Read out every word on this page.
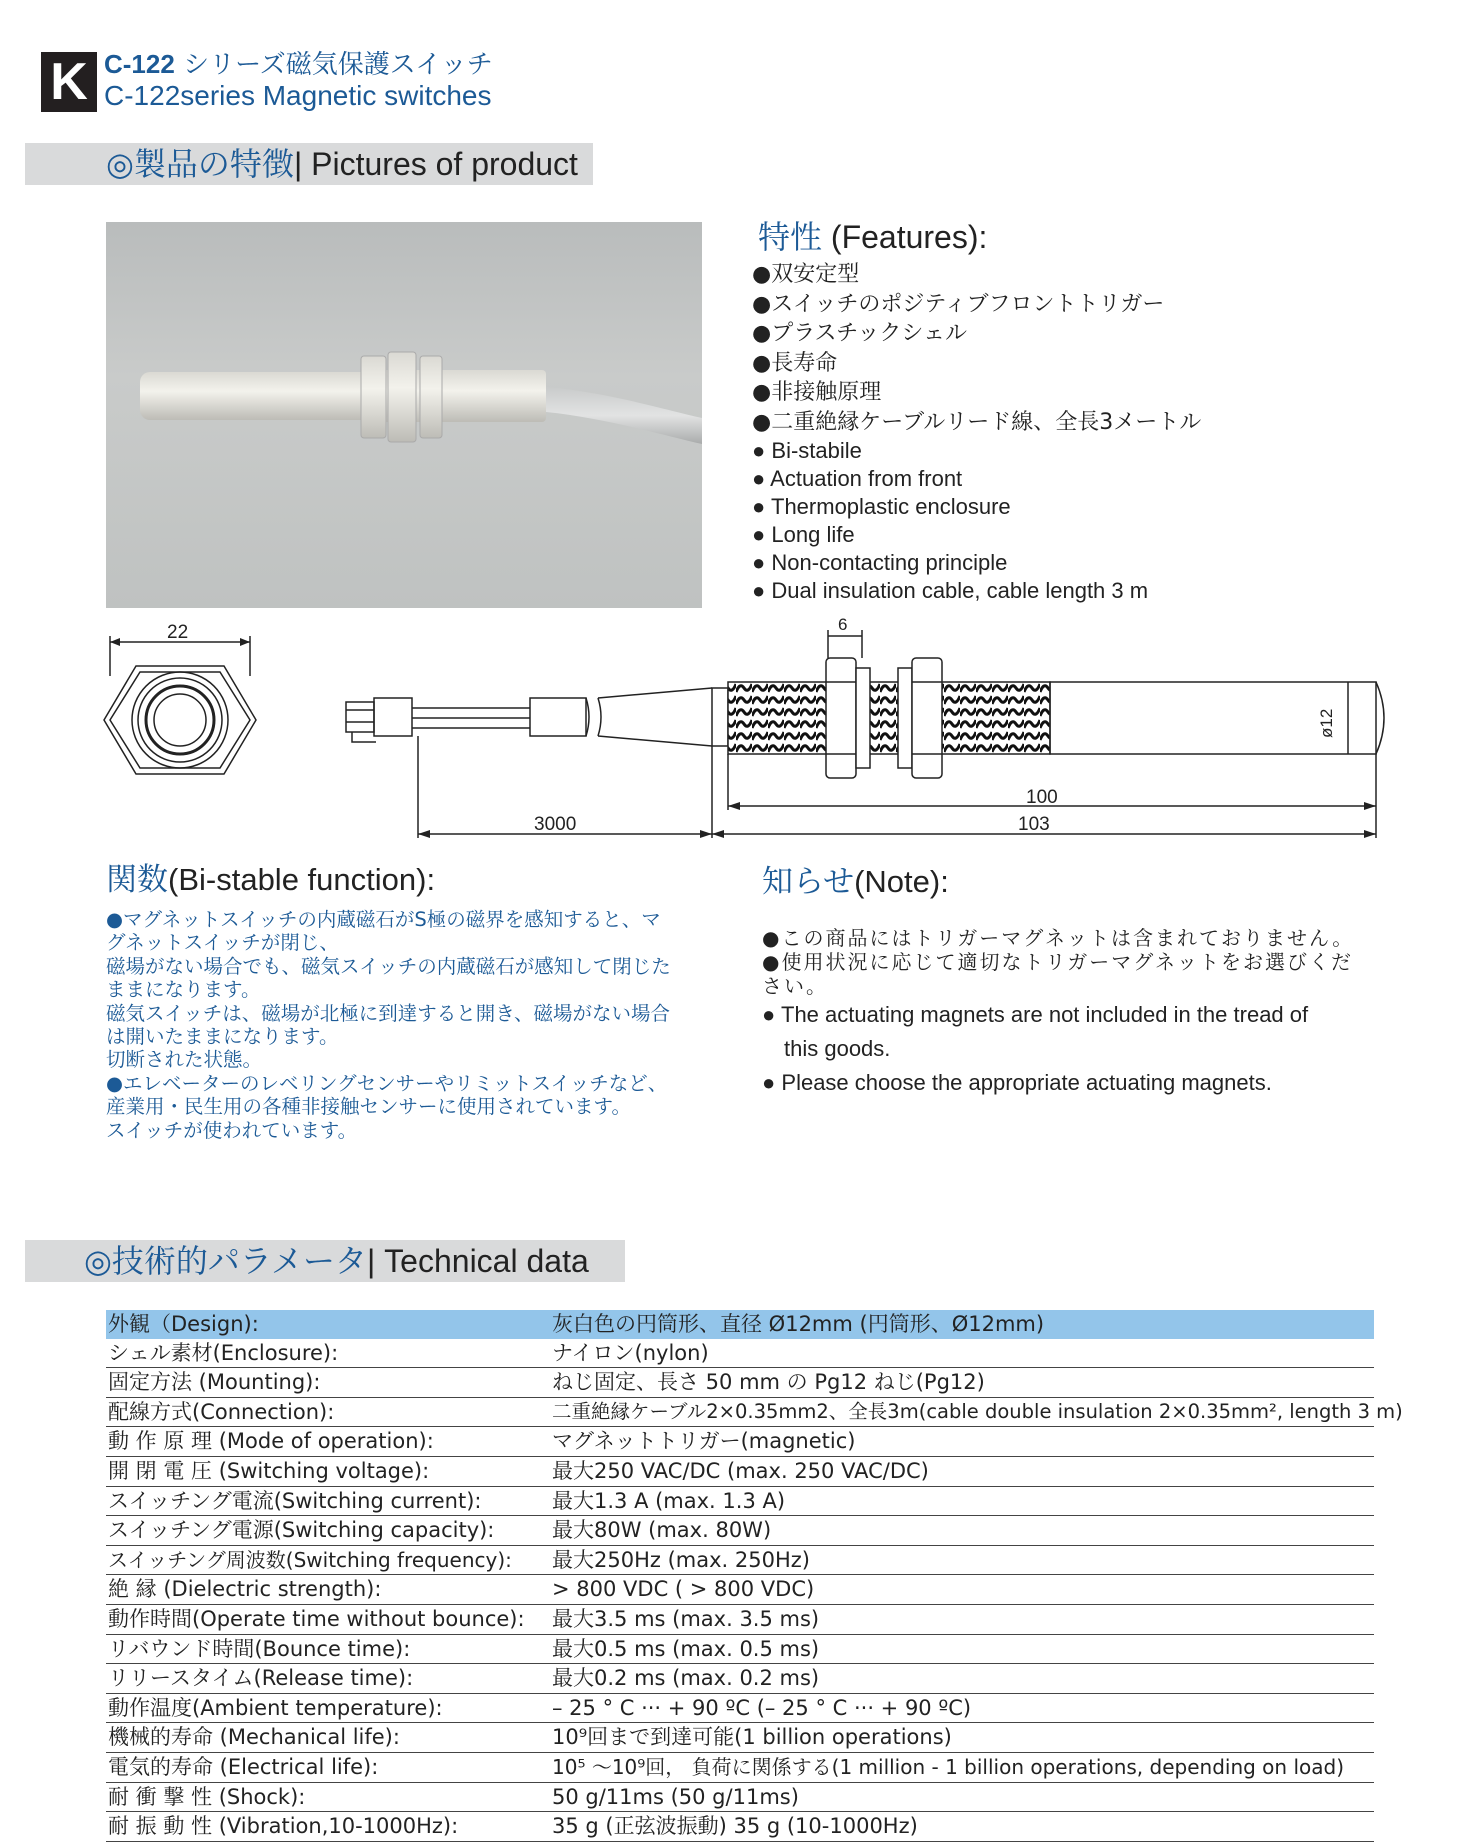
K C-122 シリーズ磁気保護スイッチ
C-122series Magnetic switches
◎製品の特徴| Pictures of product
特性 (Features):
●双安定型
●スイッチのポジティブフロントトリガー
●プラスチックシェル
●長寿命
●非接触原理
●二重絶縁ケーブルリード線、全長3メートル
● Bi-stabile
● Actuation from front
● Thermoplastic enclosure
● Long life
● Non-contacting principle
● Dual insulation cable, cable length 3 m
22	6
ø12
100
103
3000
関数(Bi-stable function):

●マグネットスイッチの内蔵磁石がS極の磁界を感知すると、マ

グネットスイッチが閉じ、

磁場がない場合でも、磁気スイッチの内蔵磁石が感知して閉じた

ままになります。

磁気スイッチは、磁場が北極に到達すると開き、磁場がない場合

は開いたままになります。

切断された状態。

●エレベーターのレベリングセンサーやリミットスイッチなど、

産業用・民生用の各種非接触センサーに使用されています。

スイッチが使われています。

知らせ(Note):

●この商品にはトリガーマグネットは含まれておりません。

●使用状況に応じて適切なトリガーマグネットをお選びくだ

さい。

● The actuating magnets are not included in the tread of

this goods.

● Please choose the appropriate actuating magnets.

◎技術的パラメータ| Technical data
外観（Design):	灰白色の円筒形、直径 Ø12mm (円筒形、Ø12mm)
シェル素材(Enclosure):	ナイロン(nylon)
固定方法 (Mounting):	ねじ固定、長さ 50 mm の Pg12 ねじ(Pg12)
配線方式(Connection):	二重絶縁ケーブル2×0.35mm2、全長3m(cable double insulation 2×0.35mm², length 3 m)
動 作 原 理 (Mode of operation):	マグネットトリガー(magnetic)
開 閉 電 圧 (Switching voltage):	最大250 VAC/DC (max. 250 VAC/DC)
スイッチング電流(Switching current):	最大1.3 A (max. 1.3 A)
スイッチング電源(Switching capacity):	最大80W (max. 80W)
スイッチング周波数(Switching frequency): 最大250Hz (max. 250Hz)
絶 縁 (Dielectric strength):	> 800 VDC ( > 800 VDC)
動作時間(Operate time without bounce): 最大3.5 ms (max. 3.5 ms)
リバウンド時間(Bounce time):	最大0.5 ms (max. 0.5 ms)
リリースタイム(Release time):	最大0.2 ms (max. 0.2 ms)
動作温度(Ambient temperature):	– 25 ° C ··· + 90 ºC (– 25 ° C ··· + 90 ºC)
機械的寿命 (Mechanical life):	10⁹回まで到達可能(1 billion operations)
電気的寿命 (Electrical life):	10⁵ ～10⁹回， 負荷に関係する(1 million - 1 billion operations, depending on load)
耐 衝 撃 性 (Shock):	50 g/11ms (50 g/11ms)
耐 振 動 性 (Vibration,10-1000Hz):	35 g (正弦波振動) 35 g (10-1000Hz)
